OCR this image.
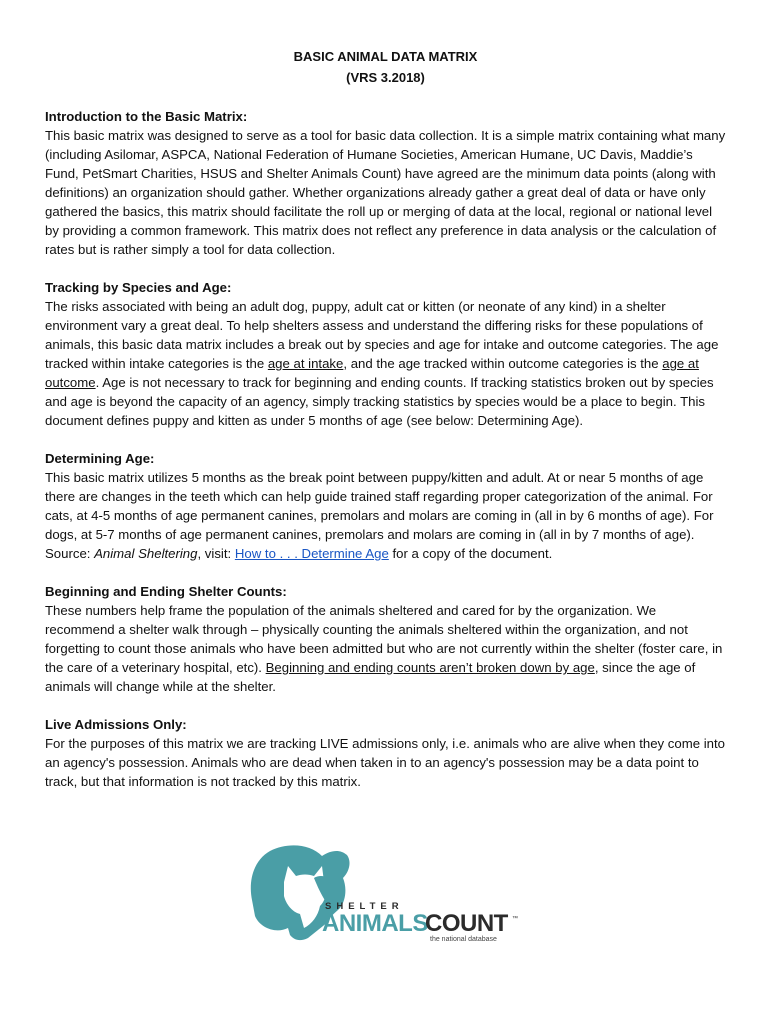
BASIC ANIMAL DATA MATRIX
(VRS 3.2018)
Introduction to the Basic Matrix:

This basic matrix was designed to serve as a tool for basic data collection. It is a simple matrix containing what many (including Asilomar, ASPCA, National Federation of Humane Societies, American Humane, UC Davis, Maddie’s Fund, PetSmart Charities, HSUS and Shelter Animals Count) have agreed are the minimum data points (along with definitions) an organization should gather. Whether organizations already gather a great deal of data or have only gathered the basics, this matrix should facilitate the roll up or merging of data at the local, regional or national level by providing a common framework. This matrix does not reflect any preference in data analysis or the calculation of rates but is rather simply a tool for data collection.

Tracking by Species and Age:

The risks associated with being an adult dog, puppy, adult cat or kitten (or neonate of any kind) in a shelter environment vary a great deal. To help shelters assess and understand the differing risks for these populations of animals, this basic data matrix includes a break out by species and age for intake and outcome categories. The age tracked within intake categories is the age at intake, and the age tracked within outcome categories is the age at outcome. Age is not necessary to track for beginning and ending counts. If tracking statistics broken out by species and age is beyond the capacity of an agency, simply tracking statistics by species would be a place to begin. This document defines puppy and kitten as under 5 months of age (see below: Determining Age).

Determining Age:

This basic matrix utilizes 5 months as the break point between puppy/kitten and adult. At or near 5 months of age there are changes in the teeth which can help guide trained staff regarding proper categorization of the animal. For cats, at 4-5 months of age permanent canines, premolars and molars are coming in (all in by 6 months of age). For dogs, at 5-7 months of age permanent canines, premolars and molars are coming in (all in by 7 months of age). Source: Animal Sheltering, visit: How to . . . Determine Age for a copy of the document.

Beginning and Ending Shelter Counts:

These numbers help frame the population of the animals sheltered and cared for by the organization. We recommend a shelter walk through – physically counting the animals sheltered within the organization, and not forgetting to count those animals who have been admitted but who are not currently within the shelter (foster care, in the care of a veterinary hospital, etc). Beginning and ending counts aren’t broken down by age, since the age of animals will change while at the shelter.

Live Admissions Only:

For the purposes of this matrix we are tracking LIVE admissions only, i.e. animals who are alive when they come into an agency's possession. Animals who are dead when taken in to an agency's possession may be a data point to track, but that information is not tracked by this matrix.

SHELTER
ANIMALS
COUNT ™
the national database
